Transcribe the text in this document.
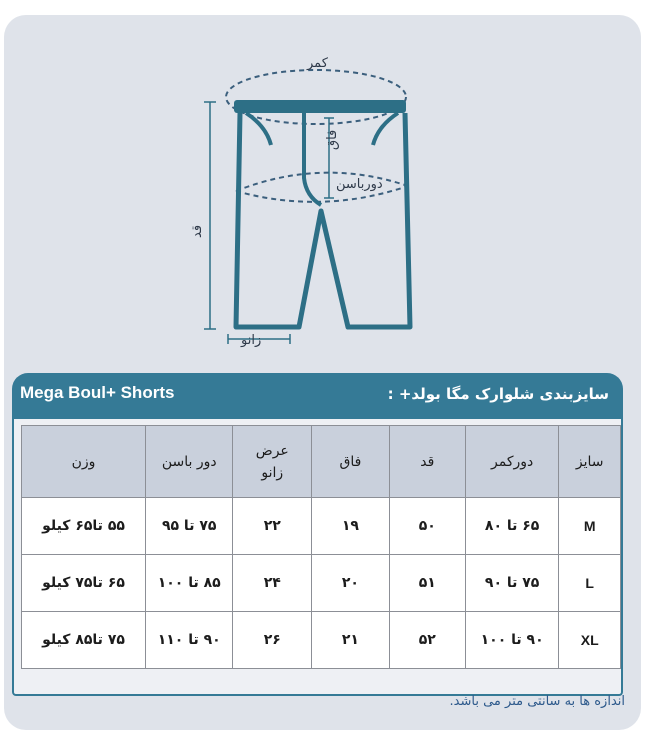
کمر
فاق
دورباسن
قد
زانو
Mega Boul+ Shorts	سایزبندی شلوارک مگا بولد+ :
سایز	دورکمر	قد	فاق	عرض زانو	دور باسن	وزن
M	۶۵ تا ۸۰	۵۰	۱۹	۲۲	۷۵ تا ۹۵	۵۵ تا۶۵ کیلو
L	۷۵ تا ۹۰	۵۱	۲۰	۲۴	۸۵ تا ۱۰۰	۶۵ تا۷۵ کیلو
XL	۹۰ تا ۱۰۰	۵۲	۲۱	۲۶	۹۰ تا ۱۱۰	۷۵ تا۸۵ کیلو
اندازه ها به سانتی متر می باشد.
